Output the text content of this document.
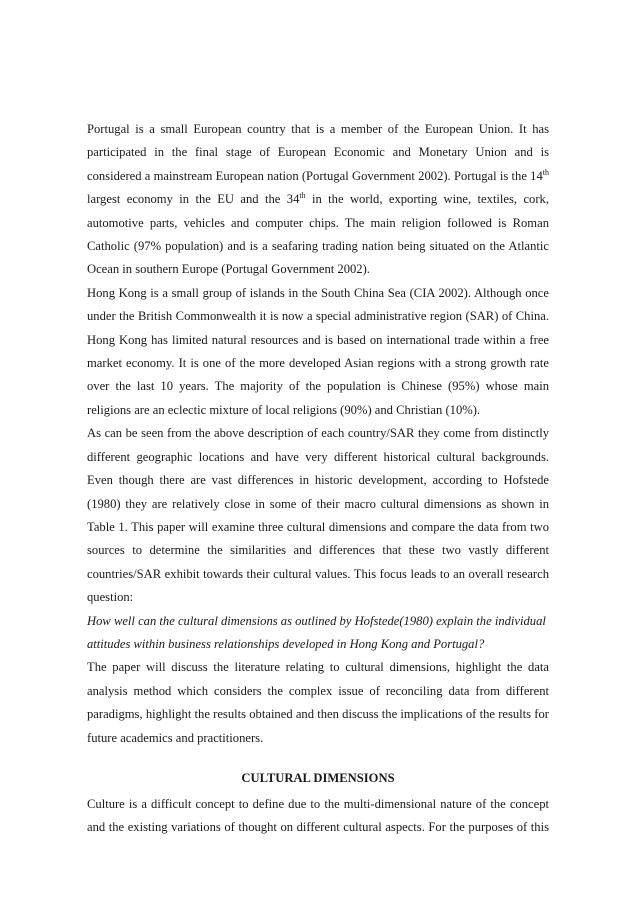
Portugal is a small European country that is a member of the European Union. It has participated in the final stage of European Economic and Monetary Union and is considered a mainstream European nation (Portugal Government 2002). Portugal is the 14th largest economy in the EU and the 34th in the world, exporting wine, textiles, cork, automotive parts, vehicles and computer chips. The main religion followed is Roman Catholic (97% population) and is a seafaring trading nation being situated on the Atlantic Ocean in southern Europe (Portugal Government 2002).

Hong Kong is a small group of islands in the South China Sea (CIA 2002). Although once under the British Commonwealth it is now a special administrative region (SAR) of China. Hong Kong has limited natural resources and is based on international trade within a free market economy. It is one of the more developed Asian regions with a strong growth rate over the last 10 years. The majority of the population is Chinese (95%) whose main religions are an eclectic mixture of local religions (90%) and Christian (10%).

As can be seen from the above description of each country/SAR they come from distinctly different geographic locations and have very different historical cultural backgrounds. Even though there are vast differences in historic development, according to Hofstede (1980) they are relatively close in some of their macro cultural dimensions as shown in Table 1. This paper will examine three cultural dimensions and compare the data from two sources to determine the similarities and differences that these two vastly different countries/SAR exhibit towards their cultural values. This focus leads to an overall research question:

How well can the cultural dimensions as outlined by Hofstede(1980) explain the individual attitudes within business relationships developed in Hong Kong and Portugal?

The paper will discuss the literature relating to cultural dimensions, highlight the data analysis method which considers the complex issue of reconciling data from different paradigms, highlight the results obtained and then discuss the implications of the results for future academics and practitioners.

CULTURAL DIMENSIONS

Culture is a difficult concept to define due to the multi-dimensional nature of the concept and the existing variations of thought on different cultural aspects. For the purposes of this
